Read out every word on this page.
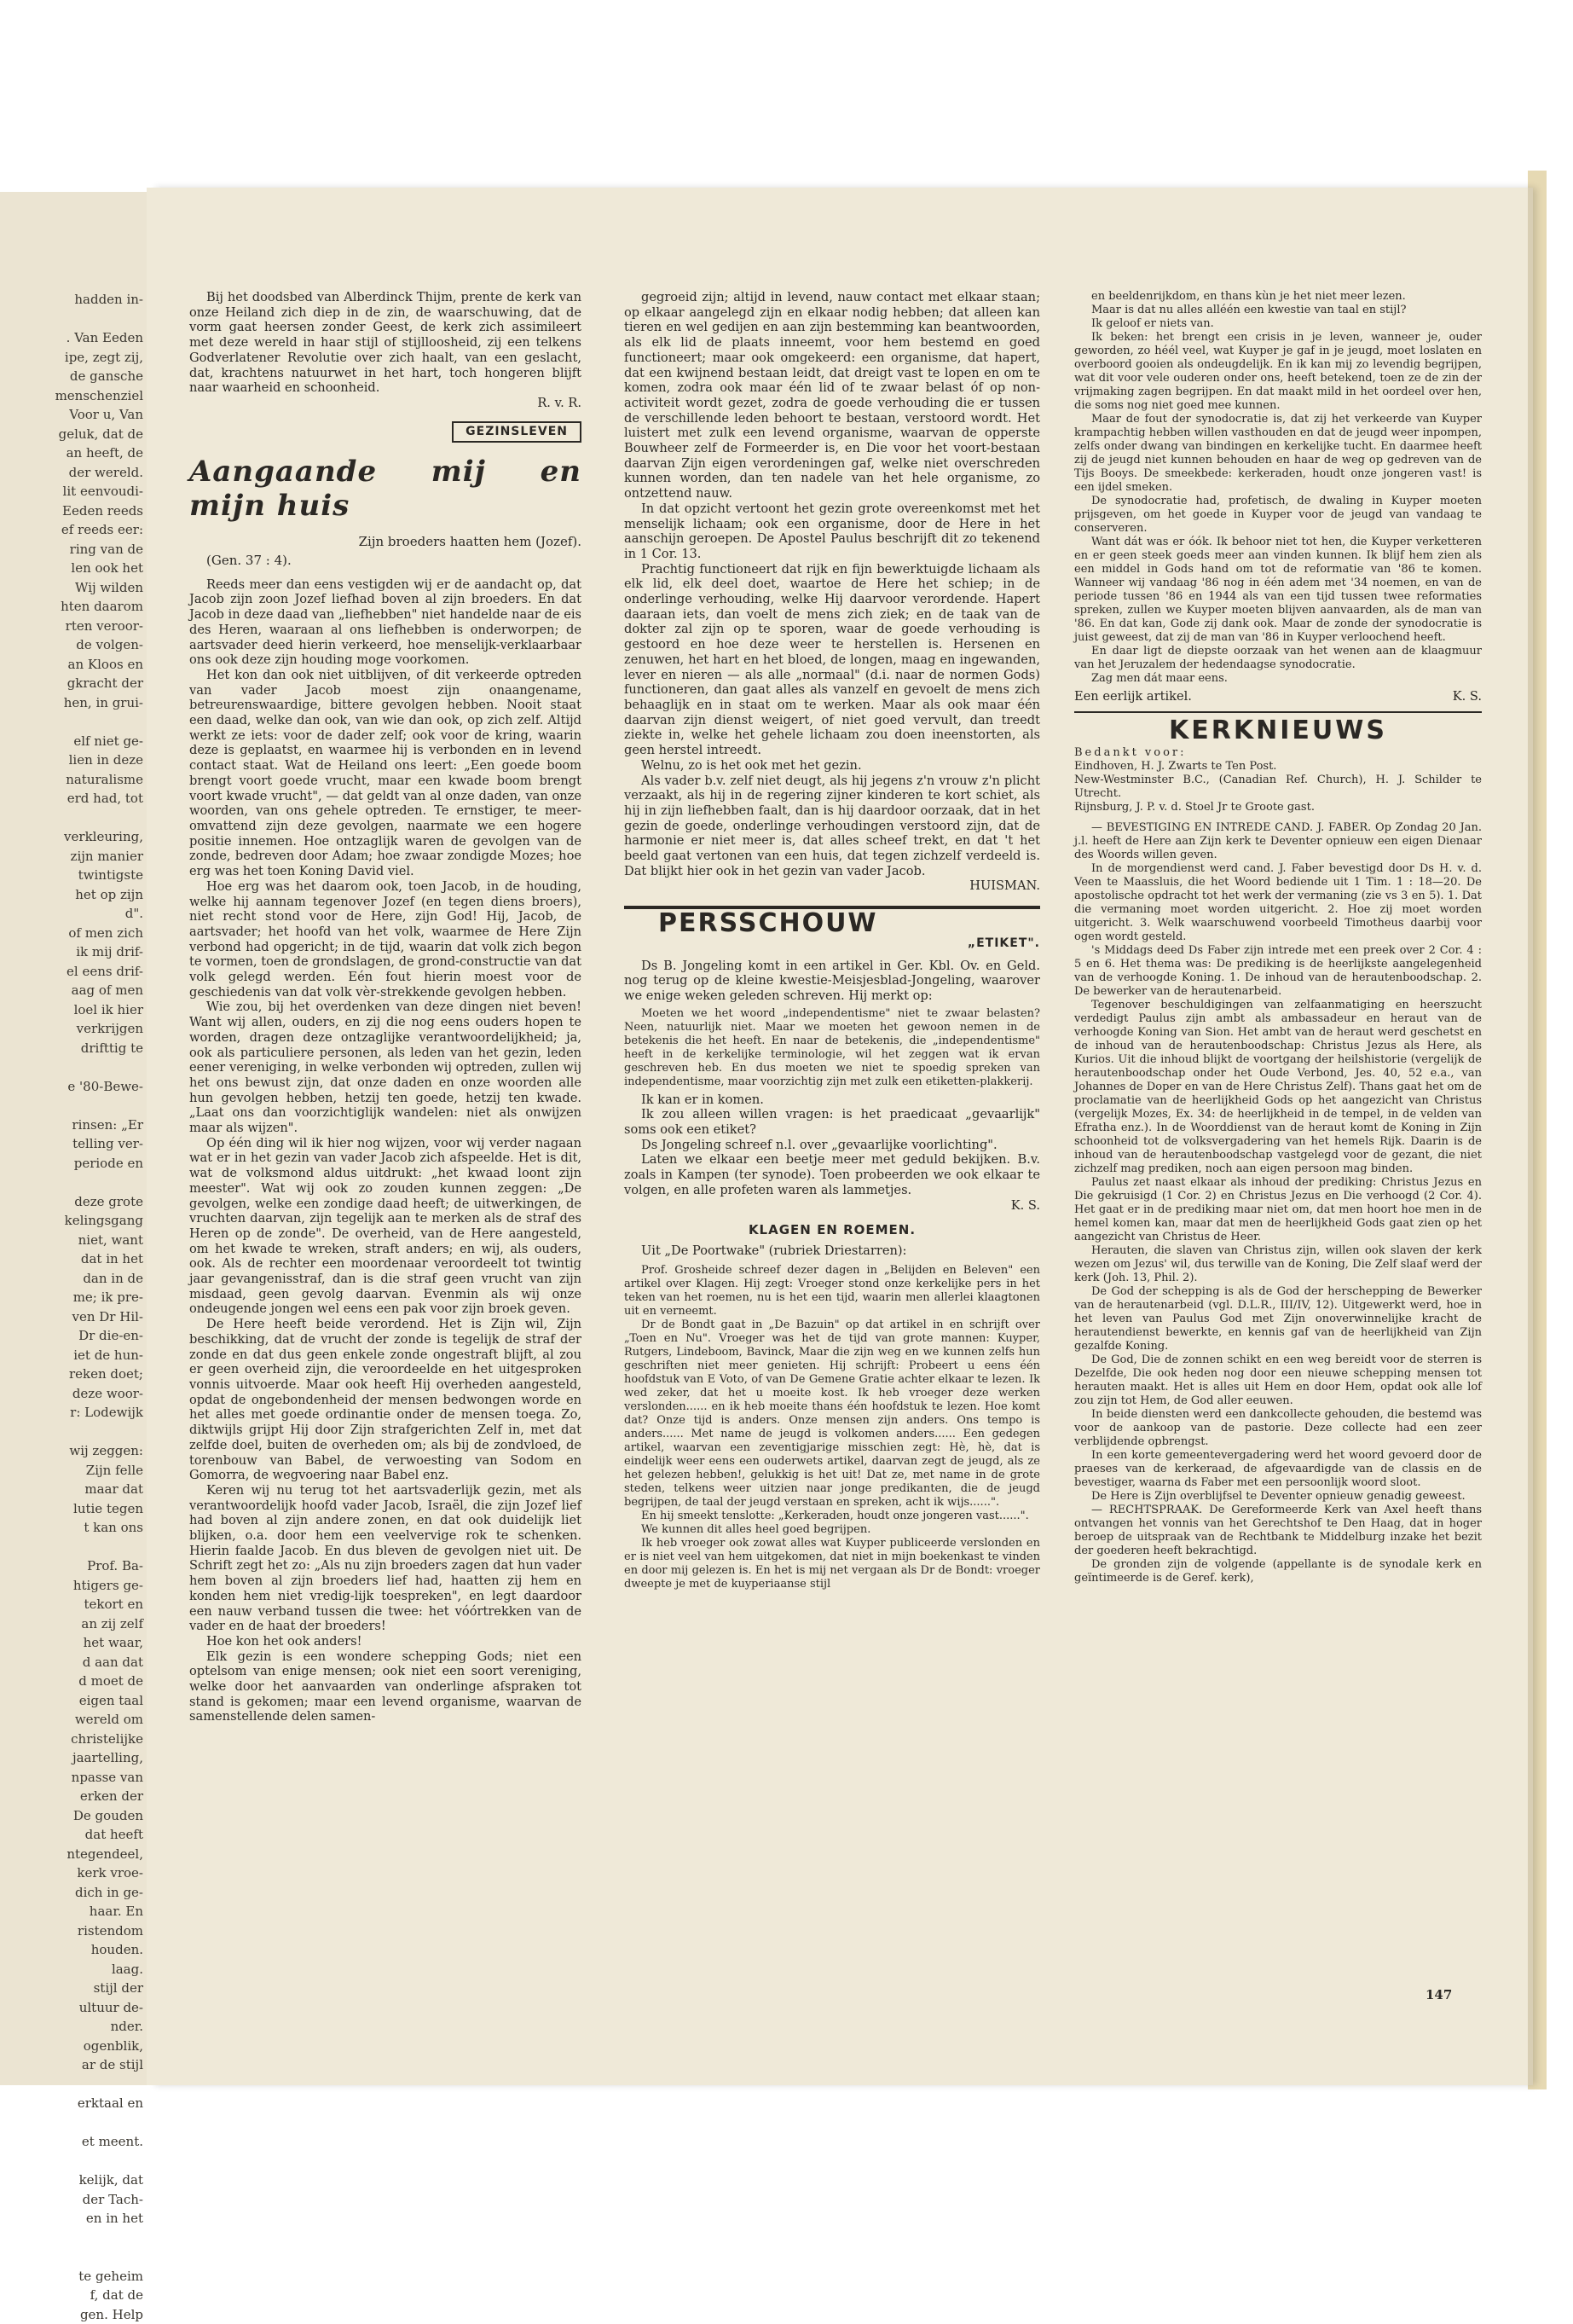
hadden in-

. Van Eeden
ipe, zegt zij,
de gansche
menschenziel
Voor u, Van
geluk, dat de
an heeft, de
der wereld.
lit eenvoudi-
Eeden reeds
ef reeds eer:
ring van de
len ook het
Wij wilden
hten daarom
rten veroor-
de volgen-
an Kloos en
gkracht der
hen, in grui-

elf niet ge-
lien in deze
naturalisme
erd had, tot

verkleuring,
zijn manier
twintigste
het op zijn
d".
of men zich
ik mij drif-
el eens drif-
aag of men
loel ik hier
verkrijgen
drifttig te

e '80-Bewe-

rinsen: „Er
telling ver-
periode en

deze grote
kelingsgang
niet, want
dat in het
dan in de
me; ik pre-
ven Dr Hil-
Dr die-en-
iet de hun-
reken doet;
deze woor-
r: Lodewijk

wij zeggen:
Zijn felle
maar dat
lutie tegen
t kan ons

Prof. Ba-
htigers ge-
tekort en
an zij zelf
het waar,
d aan dat
d moet de
eigen taal
wereld om
christelijke
jaartelling,
npasse van
erken der
De gouden
dat heeft
ntegendeel,
kerk vroe-
dich in ge-
haar. En
ristendom
houden.
laag.
stijl der
ultuur de-
nder.
ogenblik,
ar de stijl

erktaal en

et meent.

kelijk, dat
der Tach-
en in het

te geheim
f, dat de
gen. Help

Bij het doodsbed van Alberdinck Thijm, prente de kerk van onze Heiland zich diep in de zin, de waarschuwing, dat de vorm gaat heersen zonder Geest, de kerk zich assimileert met deze wereld in haar stijl of stijlloosheid, zij een telkens Godverlatener Revolutie over zich haalt, van een geslacht, dat, krachtens natuurwet in het hart, toch hongeren blijft naar waarheid en schoonheid.

R. v. R.
GEZINSLEVEN
Aangaande mij en mijn huis
Zijn broeders haatten hem (Jozef).
(Gen. 37 : 4).

Reeds meer dan eens vestigden wij er de aandacht op, dat Jacob zijn zoon Jozef liefhad boven al zijn broeders. En dat Jacob in deze daad van „liefhebben" niet handelde naar de eis des Heren, waaraan al ons liefhebben is onderworpen; de aartsvader deed hierin verkeerd, hoe menselijk-verklaarbaar ons ook deze zijn houding moge voorkomen.

Het kon dan ook niet uitblijven, of dit verkeerde optreden van vader Jacob moest zijn onaangename, betreurenswaardige, bittere gevolgen hebben. Nooit staat een daad, welke dan ook, van wie dan ook, op zich zelf. Altijd werkt ze iets: voor de dader zelf; ook voor de kring, waarin deze is geplaatst, en waarmee hij is verbonden en in levend contact staat. Wat de Heiland ons leert: „Een goede boom brengt voort goede vrucht, maar een kwade boom brengt voort kwade vrucht", — dat geldt van al onze daden, van onze woorden, van ons gehele optreden. Te ernstiger, te meer-omvattend zijn deze gevolgen, naarmate we een hogere positie innemen. Hoe ontzaglijk waren de gevolgen van de zonde, bedreven door Adam; hoe zwaar zondigde Mozes; hoe erg was het toen Koning David viel.

Hoe erg was het daarom ook, toen Jacob, in de houding, welke hij aannam tegenover Jozef (en tegen diens broers), niet recht stond voor de Here, zijn God! Hij, Jacob, de aartsvader; het hoofd van het volk, waarmee de Here Zijn verbond had opgericht; in de tijd, waarin dat volk zich begon te vormen, toen de grondslagen, de grond-constructie van dat volk gelegd werden. Eén fout hierin moest voor de geschiedenis van dat volk vèr-strekkende gevolgen hebben.

Wie zou, bij het overdenken van deze dingen niet beven! Want wij allen, ouders, en zij die nog eens ouders hopen te worden, dragen deze ontzaglijke verantwoordelijkheid; ja, ook als particuliere personen, als leden van het gezin, leden eener vereniging, in welke verbonden wij optreden, zullen wij het ons bewust zijn, dat onze daden en onze woorden alle hun gevolgen hebben, hetzij ten goede, hetzij ten kwade. „Laat ons dan voorzichtiglijk wandelen: niet als onwijzen maar als wijzen".

Op één ding wil ik hier nog wijzen, voor wij verder nagaan wat er in het gezin van vader Jacob zich afspeelde. Het is dit, wat de volksmond aldus uitdrukt: „het kwaad loont zijn meester". Wat wij ook zo zouden kunnen zeggen: „De gevolgen, welke een zondige daad heeft; de uitwerkingen, de vruchten daarvan, zijn tegelijk aan te merken als de straf des Heren op de zonde". De overheid, van de Here aangesteld, om het kwade te wreken, straft anders; en wij, als ouders, ook. Als de rechter een moordenaar veroordeelt tot twintig jaar gevangenisstraf, dan is die straf geen vrucht van zijn misdaad, geen gevolg daarvan. Evenmin als wij onze ondeugende jongen wel eens een pak voor zijn broek geven.

De Here heeft beide verordend. Het is Zijn wil, Zijn beschikking, dat de vrucht der zonde is tegelijk de straf der zonde en dat dus geen enkele zonde ongestraft blijft, al zou er geen overheid zijn, die veroordeelde en het uitgesproken vonnis uitvoerde. Maar ook heeft Hij overheden aangesteld, opdat de ongebondenheid der mensen bedwongen worde en het alles met goede ordinantie onder de mensen toega. Zo, diktwijls grijpt Hij door Zijn strafgerichten Zelf in, met dat zelfde doel, buiten de overheden om; als bij de zondvloed, de torenbouw van Babel, de verwoesting van Sodom en Gomorra, de wegvoering naar Babel enz.

Keren wij nu terug tot het aartsvaderlijk gezin, met als verantwoordelijk hoofd vader Jacob, Israël, die zijn Jozef lief had boven al zijn andere zonen, en dat ook duidelijk liet blijken, o.a. door hem een veelvervige rok te schenken. Hierin faalde Jacob. En dus bleven de gevolgen niet uit. De Schrift zegt het zo: „Als nu zijn broeders zagen dat hun vader hem boven al zijn broeders lief had, haatten zij hem en konden hem niet vredig-lijk toespreken", en legt daardoor een nauw verband tussen die twee: het vóórtrekken van de vader en de haat der broeders!

Hoe kon het ook anders!

Elk gezin is een wondere schepping Gods; niet een optelsom van enige mensen; ook niet een soort vereniging, welke door het aanvaarden van onderlinge afspraken tot stand is gekomen; maar een levend organisme, waarvan de samenstellende delen samen-

gegroeid zijn; altijd in levend, nauw contact met elkaar staan; op elkaar aangelegd zijn en elkaar nodig hebben; dat alleen kan tieren en wel gedijen en aan zijn bestemming kan beantwoorden, als elk lid de plaats inneemt, voor hem bestemd en goed functioneert; maar ook omgekeerd: een organisme, dat hapert, dat een kwijnend bestaan leidt, dat dreigt vast te lopen en om te komen, zodra ook maar één lid of te zwaar belast óf op non-activiteit wordt gezet, zodra de goede verhouding die er tussen de verschillende leden behoort te bestaan, verstoord wordt. Het luistert met zulk een levend organisme, waarvan de opperste Bouwheer zelf de Formeerder is, en Die voor het voort-bestaan daarvan Zijn eigen verordeningen gaf, welke niet overschreden kunnen worden, dan ten nadele van het hele organisme, zo ontzettend nauw.

In dat opzicht vertoont het gezin grote overeenkomst met het menselijk lichaam; ook een organisme, door de Here in het aanschijn geroepen. De Apostel Paulus beschrijft dit zo tekenend in 1 Cor. 13.

Prachtig functioneert dat rijk en fijn bewerktuigde lichaam als elk lid, elk deel doet, waartoe de Here het schiep; in de onderlinge verhouding, welke Hij daarvoor verordende. Hapert daaraan iets, dan voelt de mens zich ziek; en de taak van de dokter zal zijn op te sporen, waar de goede verhouding is gestoord en hoe deze weer te herstellen is. Hersenen en zenuwen, het hart en het bloed, de longen, maag en ingewanden, lever en nieren — als alle „normaal" (d.i. naar de normen Gods) functioneren, dan gaat alles als vanzelf en gevoelt de mens zich behaaglijk en in staat om te werken. Maar als ook maar één daarvan zijn dienst weigert, of niet goed vervult, dan treedt ziekte in, welke het gehele lichaam zou doen ineenstorten, als geen herstel intreedt.

Welnu, zo is het ook met het gezin.

Als vader b.v. zelf niet deugt, als hij jegens z'n vrouw z'n plicht verzaakt, als hij in de regering zijner kinderen te kort schiet, als hij in zijn liefhebben faalt, dan is hij daardoor oorzaak, dat in het gezin de goede, onderlinge verhoudingen verstoord zijn, dat de harmonie er niet meer is, dat alles scheef trekt, en dat 't het beeld gaat vertonen van een huis, dat tegen zichzelf verdeeld is. Dat blijkt hier ook in het gezin van vader Jacob.

HUISMAN.
PERSSCHOUW
„ETIKET".

Ds B. Jongeling komt in een artikel in Ger. Kbl. Ov. en Geld. nog terug op de kleine kwestie-Meisjesblad-Jongeling, waarover we enige weken geleden schreven. Hij merkt op:

Moeten we het woord „independentisme" niet te zwaar belasten? Neen, natuurlijk niet. Maar we moeten het gewoon nemen in de betekenis die het heeft. En naar de betekenis, die „independentisme" heeft in de kerkelijke terminologie, wil het zeggen wat ik ervan geschreven heb. En dus moeten we niet te spoedig spreken van independentisme, maar voorzichtig zijn met zulk een etiketten-plakkerij.

Ik kan er in komen.

Ik zou alleen willen vragen: is het praedicaat „gevaarlijk" soms ook een etiket?

Ds Jongeling schreef n.l. over „gevaarlijke voorlichting".

Laten we elkaar een beetje meer met geduld bekijken. B.v. zoals in Kampen (ter synode). Toen probeerden we ook elkaar te volgen, en alle profeten waren als lammetjes.

K. S.
KLAGEN EN ROEMEN.

Uit „De Poortwake" (rubriek Driestarren):

Prof. Grosheide schreef dezer dagen in „Belijden en Beleven" een artikel over Klagen. Hij zegt: Vroeger stond onze kerkelijke pers in het teken van het roemen, nu is het een tijd, waarin men allerlei klaagtonen uit en verneemt.

Dr de Bondt gaat in „De Bazuin" op dat artikel in en schrijft over „Toen en Nu". Vroeger was het de tijd van grote mannen: Kuyper, Rutgers, Lindeboom, Bavinck, Maar die zijn weg en we kunnen zelfs hun geschriften niet meer genieten. Hij schrijft: Probeert u eens één hoofdstuk van E Voto, of van De Gemene Gratie achter elkaar te lezen. Ik wed zeker, dat het u moeite kost. Ik heb vroeger deze werken verslonden...... en ik heb moeite thans één hoofdstuk te lezen. Hoe komt dat? Onze tijd is anders. Onze mensen zijn anders. Ons tempo is anders...... Met name de jeugd is volkomen anders...... Een gedegen artikel, waarvan een zeventigjarige misschien zegt: Hè, hè, dat is eindelijk weer eens een ouderwets artikel, daarvan zegt de jeugd, als ze het gelezen hebben!, gelukkig is het uit! Dat ze, met name in de grote steden, telkens weer uitzien naar jonge predikanten, die de jeugd begrijpen, de taal der jeugd verstaan en spreken, acht ik wijs......".

En hij smeekt tenslotte: „Kerkeraden, houdt onze jongeren vast......".

We kunnen dit alles heel goed begrijpen.

Ik heb vroeger ook zowat alles wat Kuyper publiceerde verslonden en er is niet veel van hem uitgekomen, dat niet in mijn boekenkast te vinden en door mij gelezen is. En het is mij net vergaan als Dr de Bondt: vroeger dweepte je met de kuyperiaanse stijl

en beeldenrijkdom, en thans kùn je het niet meer lezen.

Maar is dat nu alles alléén een kwestie van taal en stijl?

Ik geloof er niets van.

Ik beken: het brengt een crisis in je leven, wanneer je, ouder geworden, zo héél veel, wat Kuyper je gaf in je jeugd, moet loslaten en overboord gooien als ondeugdelijk. En ik kan mij zo levendig begrijpen, wat dit voor vele ouderen onder ons, heeft betekend, toen ze de zin der vrijmaking zagen begrijpen. En dat maakt mild in het oordeel over hen, die soms nog niet goed mee kunnen.

Maar de fout der synodocratie is, dat zij het verkeerde van Kuyper krampachtig hebben willen vasthouden en dat de jeugd weer inpompen, zelfs onder dwang van bindingen en kerkelijke tucht. En daarmee heeft zij de jeugd niet kunnen behouden en haar de weg op gedreven van de Tijs Booys. De smeekbede: kerkeraden, houdt onze jongeren vast! is een ijdel smeken.

De synodocratie had, profetisch, de dwaling in Kuyper moeten prijsgeven, om het goede in Kuyper voor de jeugd van vandaag te conserveren.

Want dát was er óók. Ik behoor niet tot hen, die Kuyper verketteren en er geen steek goeds meer aan vinden kunnen. Ik blijf hem zien als een middel in Gods hand om tot de reformatie van '86 te komen. Wanneer wij vandaag '86 nog in één adem met '34 noemen, en van de periode tussen '86 en 1944 als van een tijd tussen twee reformaties spreken, zullen we Kuyper moeten blijven aanvaarden, als de man van '86. En dat kan, Gode zij dank ook. Maar de zonde der synodocratie is juist geweest, dat zij de man van '86 in Kuyper verloochend heeft.

En daar ligt de diepste oorzaak van het wenen aan de klaagmuur van het Jeruzalem der hedendaagse synodocratie.

Zag men dát maar eens.

Een eerlijk artikel.	K. S.
KERKNIEUWS
Bedankt voor:
Eindhoven, H. J. Zwarts te Ten Post.
New-Westminster B.C., (Canadian Ref. Church), H. J. Schilder te Utrecht.
Rijnsburg, J. P. v. d. Stoel Jr te Groote gast.

— BEVESTIGING EN INTREDE CAND. J. FABER. Op Zondag 20 Jan. j.l. heeft de Here aan Zijn kerk te Deventer opnieuw een eigen Dienaar des Woords willen geven.

In de morgendienst werd cand. J. Faber bevestigd door Ds H. v. d. Veen te Maassluis, die het Woord bediende uit 1 Tim. 1 : 18—20. De apostolische opdracht tot het werk der vermaning (zie vs 3 en 5). 1. Dat die vermaning moet worden uitgericht. 2. Hoe zij moet worden uitgericht. 3. Welk waarschuwend voorbeeld Timotheus daarbij voor ogen wordt gesteld.

's Middags deed Ds Faber zijn intrede met een preek over 2 Cor. 4 : 5 en 6. Het thema was: De prediking is de heerlijkste aangelegenheid van de verhoogde Koning. 1. De inhoud van de herautenboodschap. 2. De bewerker van de herautenarbeid.

Tegenover beschuldigingen van zelfaanmatiging en heerszucht verdedigt Paulus zijn ambt als ambassadeur en heraut van de verhoogde Koning van Sion. Het ambt van de heraut werd geschetst en de inhoud van de herautenboodschap: Christus Jezus als Here, als Kurios. Uit die inhoud blijkt de voortgang der heilshistorie (vergelijk de herautenboodschap onder het Oude Verbond, Jes. 40, 52 e.a., van Johannes de Doper en van de Here Christus Zelf). Thans gaat het om de proclamatie van de heerlijkheid Gods op het aangezicht van Christus (vergelijk Mozes, Ex. 34: de heerlijkheid in de tempel, in de velden van Efratha enz.). In de Woorddienst van de heraut komt de Koning in Zijn schoonheid tot de volksvergadering van het hemels Rijk. Daarin is de inhoud van de herautenboodschap vastgelegd voor de gezant, die niet zichzelf mag prediken, noch aan eigen persoon mag binden.

Paulus zet naast elkaar als inhoud der prediking: Christus Jezus en Die gekruisigd (1 Cor. 2) en Christus Jezus en Die verhoogd (2 Cor. 4). Het gaat er in de prediking maar niet om, dat men hoort hoe men in de hemel komen kan, maar dat men de heerlijkheid Gods gaat zien op het aangezicht van Christus de Heer.

Herauten, die slaven van Christus zijn, willen ook slaven der kerk wezen om Jezus' wil, dus terwille van de Koning, Die Zelf slaaf werd der kerk (Joh. 13, Phil. 2).

De God der schepping is als de God der herschepping de Bewerker van de herautenarbeid (vgl. D.L.R., III/IV, 12). Uitgewerkt werd, hoe in het leven van Paulus God met Zijn onoverwinnelijke kracht de herautendienst bewerkte, en kennis gaf van de heerlijkheid van Zijn gezalfde Koning.

De God, Die de zonnen schikt en een weg bereidt voor de sterren is Dezelfde, Die ook heden nog door een nieuwe schepping mensen tot herauten maakt. Het is alles uit Hem en door Hem, opdat ook alle lof zou zijn tot Hem, de God aller eeuwen.

In beide diensten werd een dankcollecte gehouden, die bestemd was voor de aankoop van de pastorie. Deze collecte had een zeer verblijdende opbrengst.

In een korte gemeentevergadering werd het woord gevoerd door de praeses van de kerkeraad, de afgevaardigde van de classis en de bevestiger, waarna ds Faber met een persoonlijk woord sloot.

De Here is Zijn overblijfsel te Deventer opnieuw genadig geweest.

— RECHTSPRAAK. De Gereformeerde Kerk van Axel heeft thans ontvangen het vonnis van het Gerechtshof te Den Haag, dat in hoger beroep de uitspraak van de Rechtbank te Middelburg inzake het bezit der goederen heeft bekrachtigd.

De gronden zijn de volgende (appellante is de synodale kerk en geïntimeerde is de Geref. kerk),

147
